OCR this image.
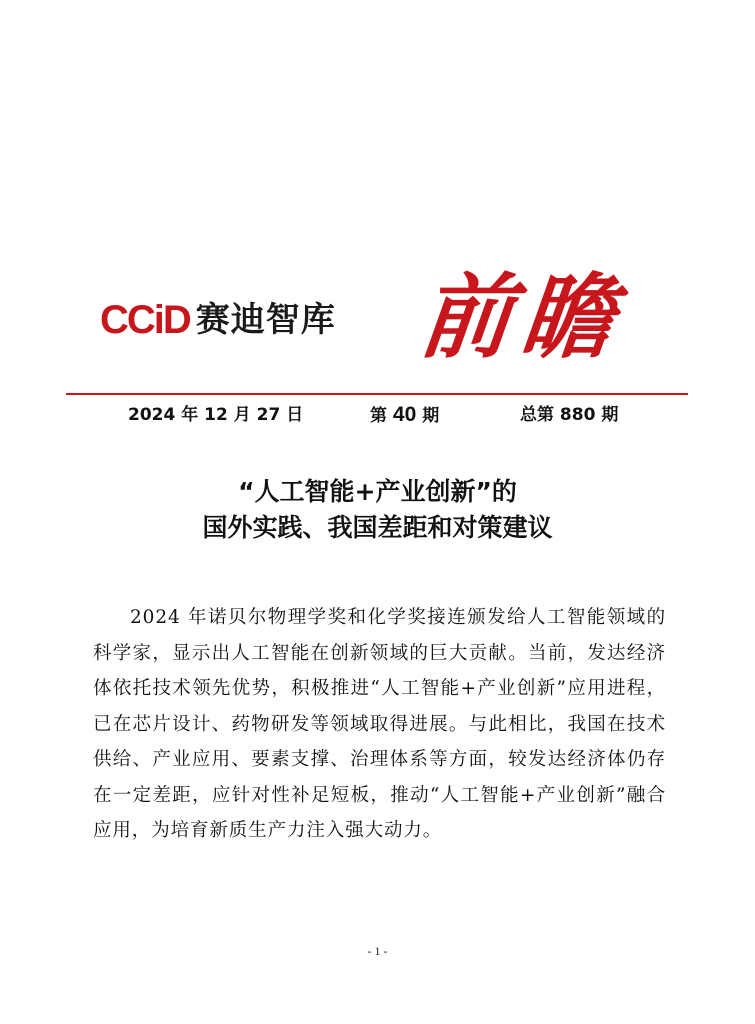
CCiD 赛迪智库 前瞻
2024 年 12 月 27 日	第 40 期	总第 880 期
“人工智能+产业创新”的
国外实践、我国差距和对策建议

2024 年诺贝尔物理学奖和化学奖接连颁发给人工智能领域的科学家，显示出人工智能在创新领域的巨大贡献。当前，发达经济体依托技术领先优势，积极推进“人工智能+产业创新”应用进程，已在芯片设计、药物研发等领域取得进展。与此相比，我国在技术供给、产业应用、要素支撑、治理体系等方面，较发达经济体仍存在一定差距，应针对性补足短板，推动“人工智能+产业创新”融合应用，为培育新质生产力注入强大动力。

- 1 -
